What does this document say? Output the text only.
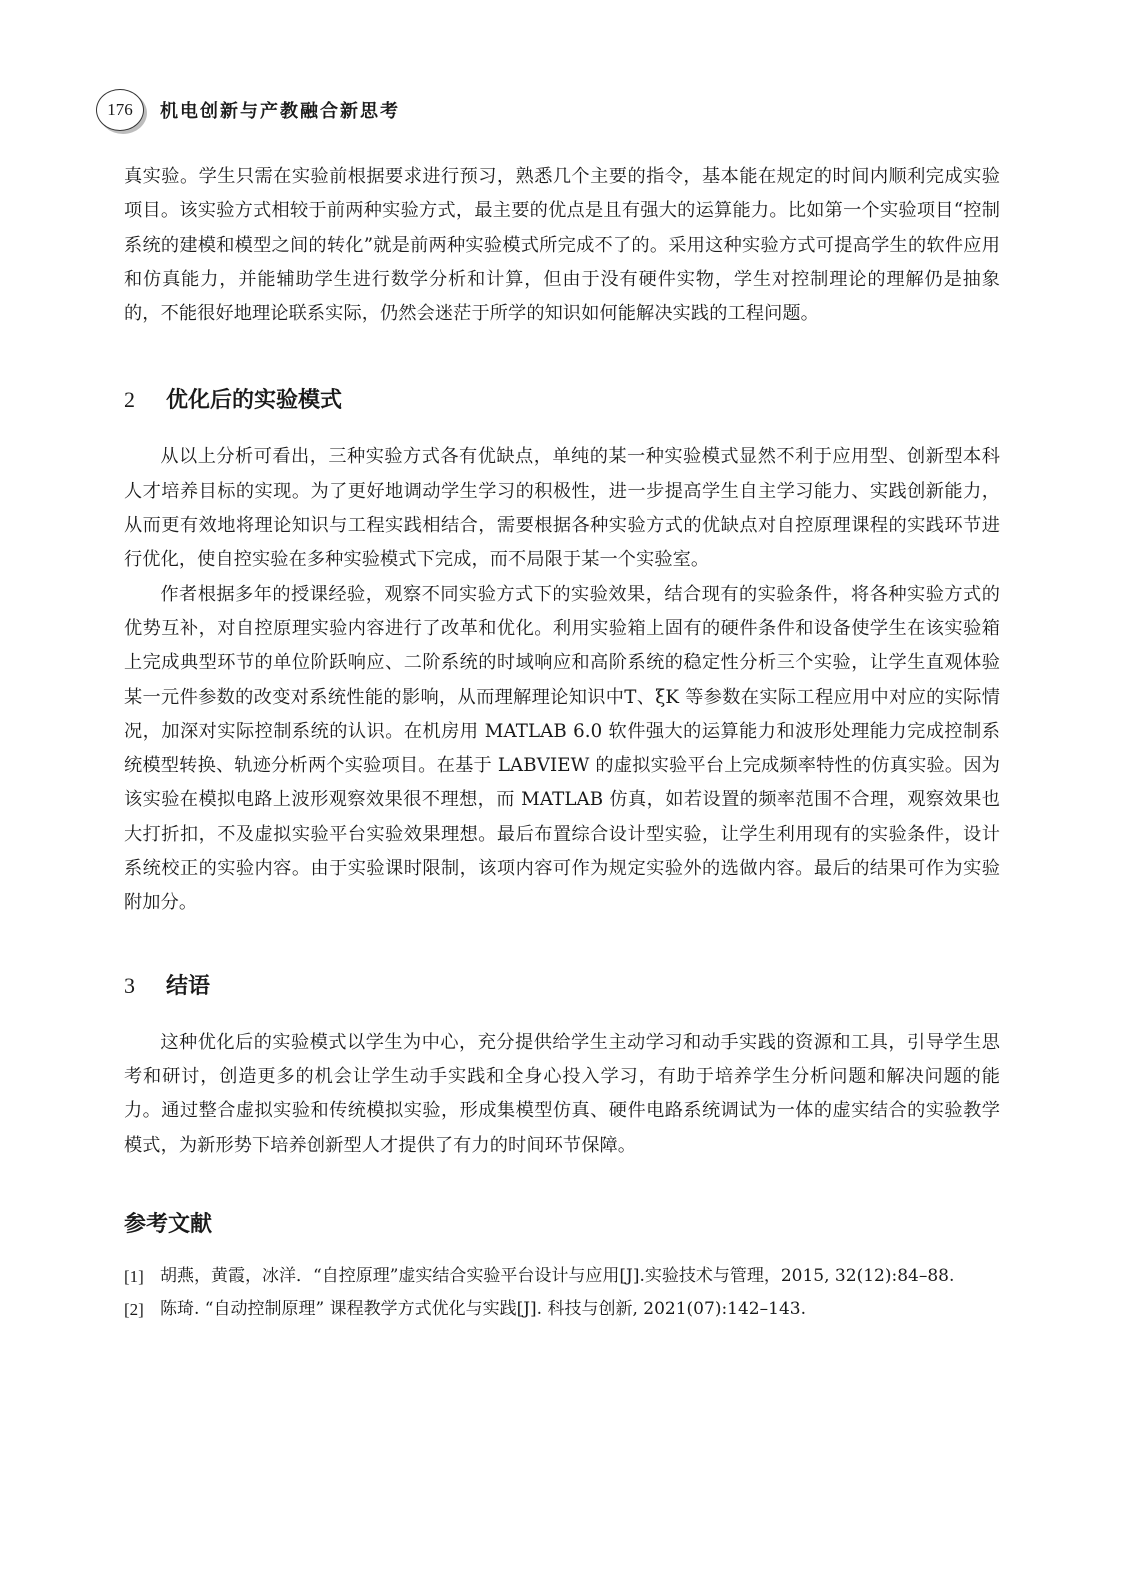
176 机电创新与产教融合新思考

真实验。学生只需在实验前根据要求进行预习，熟悉几个主要的指令，基本能在规定的时间内顺利完成实验项目。该实验方式相较于前两种实验方式，最主要的优点是且有强大的运算能力。比如第一个实验项目“控制系统的建模和模型之间的转化”就是前两种实验模式所完成不了的。采用这种实验方式可提高学生的软件应用和仿真能力，并能辅助学生进行数学分析和计算，但由于没有硬件实物，学生对控制理论的理解仍是抽象的，不能很好地理论联系实际，仍然会迷茫于所学的知识如何能解决实践的工程问题。

2	优化后的实验模式

从以上分析可看出，三种实验方式各有优缺点，单纯的某一种实验模式显然不利于应用型、创新型本科人才培养目标的实现。为了更好地调动学生学习的积极性，进一步提高学生自主学习能力、实践创新能力，从而更有效地将理论知识与工程实践相结合，需要根据各种实验方式的优缺点对自控原理课程的实践环节进行优化，使自控实验在多种实验模式下完成，而不局限于某一个实验室。

作者根据多年的授课经验，观察不同实验方式下的实验效果，结合现有的实验条件，将各种实验方式的优势互补，对自控原理实验内容进行了改革和优化。利用实验箱上固有的硬件条件和设备使学生在该实验箱上完成典型环节的单位阶跃响应、二阶系统的时域响应和高阶系统的稳定性分析三个实验，让学生直观体验某一元件参数的改变对系统性能的影响，从而理解理论知识中T、ξK 等参数在实际工程应用中对应的实际情况，加深对实际控制系统的认识。在机房用 MATLAB 6.0 软件强大的运算能力和波形处理能力完成控制系统模型转换、轨迹分析两个实验项目。在基于 LABVIEW 的虚拟实验平台上完成频率特性的仿真实验。因为该实验在模拟电路上波形观察效果很不理想，而 MATLAB 仿真，如若设置的频率范围不合理，观察效果也大打折扣，不及虚拟实验平台实验效果理想。最后布置综合设计型实验，让学生利用现有的实验条件，设计系统校正的实验内容。由于实验课时限制，该项内容可作为规定实验外的选做内容。最后的结果可作为实验附加分。

3	结语

这种优化后的实验模式以学生为中心，充分提供给学生主动学习和动手实践的资源和工具，引导学生思考和研讨，创造更多的机会让学生动手实践和全身心投入学习，有助于培养学生分析问题和解决问题的能力。通过整合虚拟实验和传统模拟实验，形成集模型仿真、硬件电路系统调试为一体的虚实结合的实验教学模式，为新形势下培养创新型人才提供了有力的时间环节保障。

参考文献
[1] 胡燕，黄霞，冰洋．“自控原理”虚实结合实验平台设计与应用[J].实验技术与管理，2015, 32(12):84–88.
[2] 陈琦. “自动控制原理” 课程教学方式优化与实践[J]. 科技与创新, 2021(07):142–143.
